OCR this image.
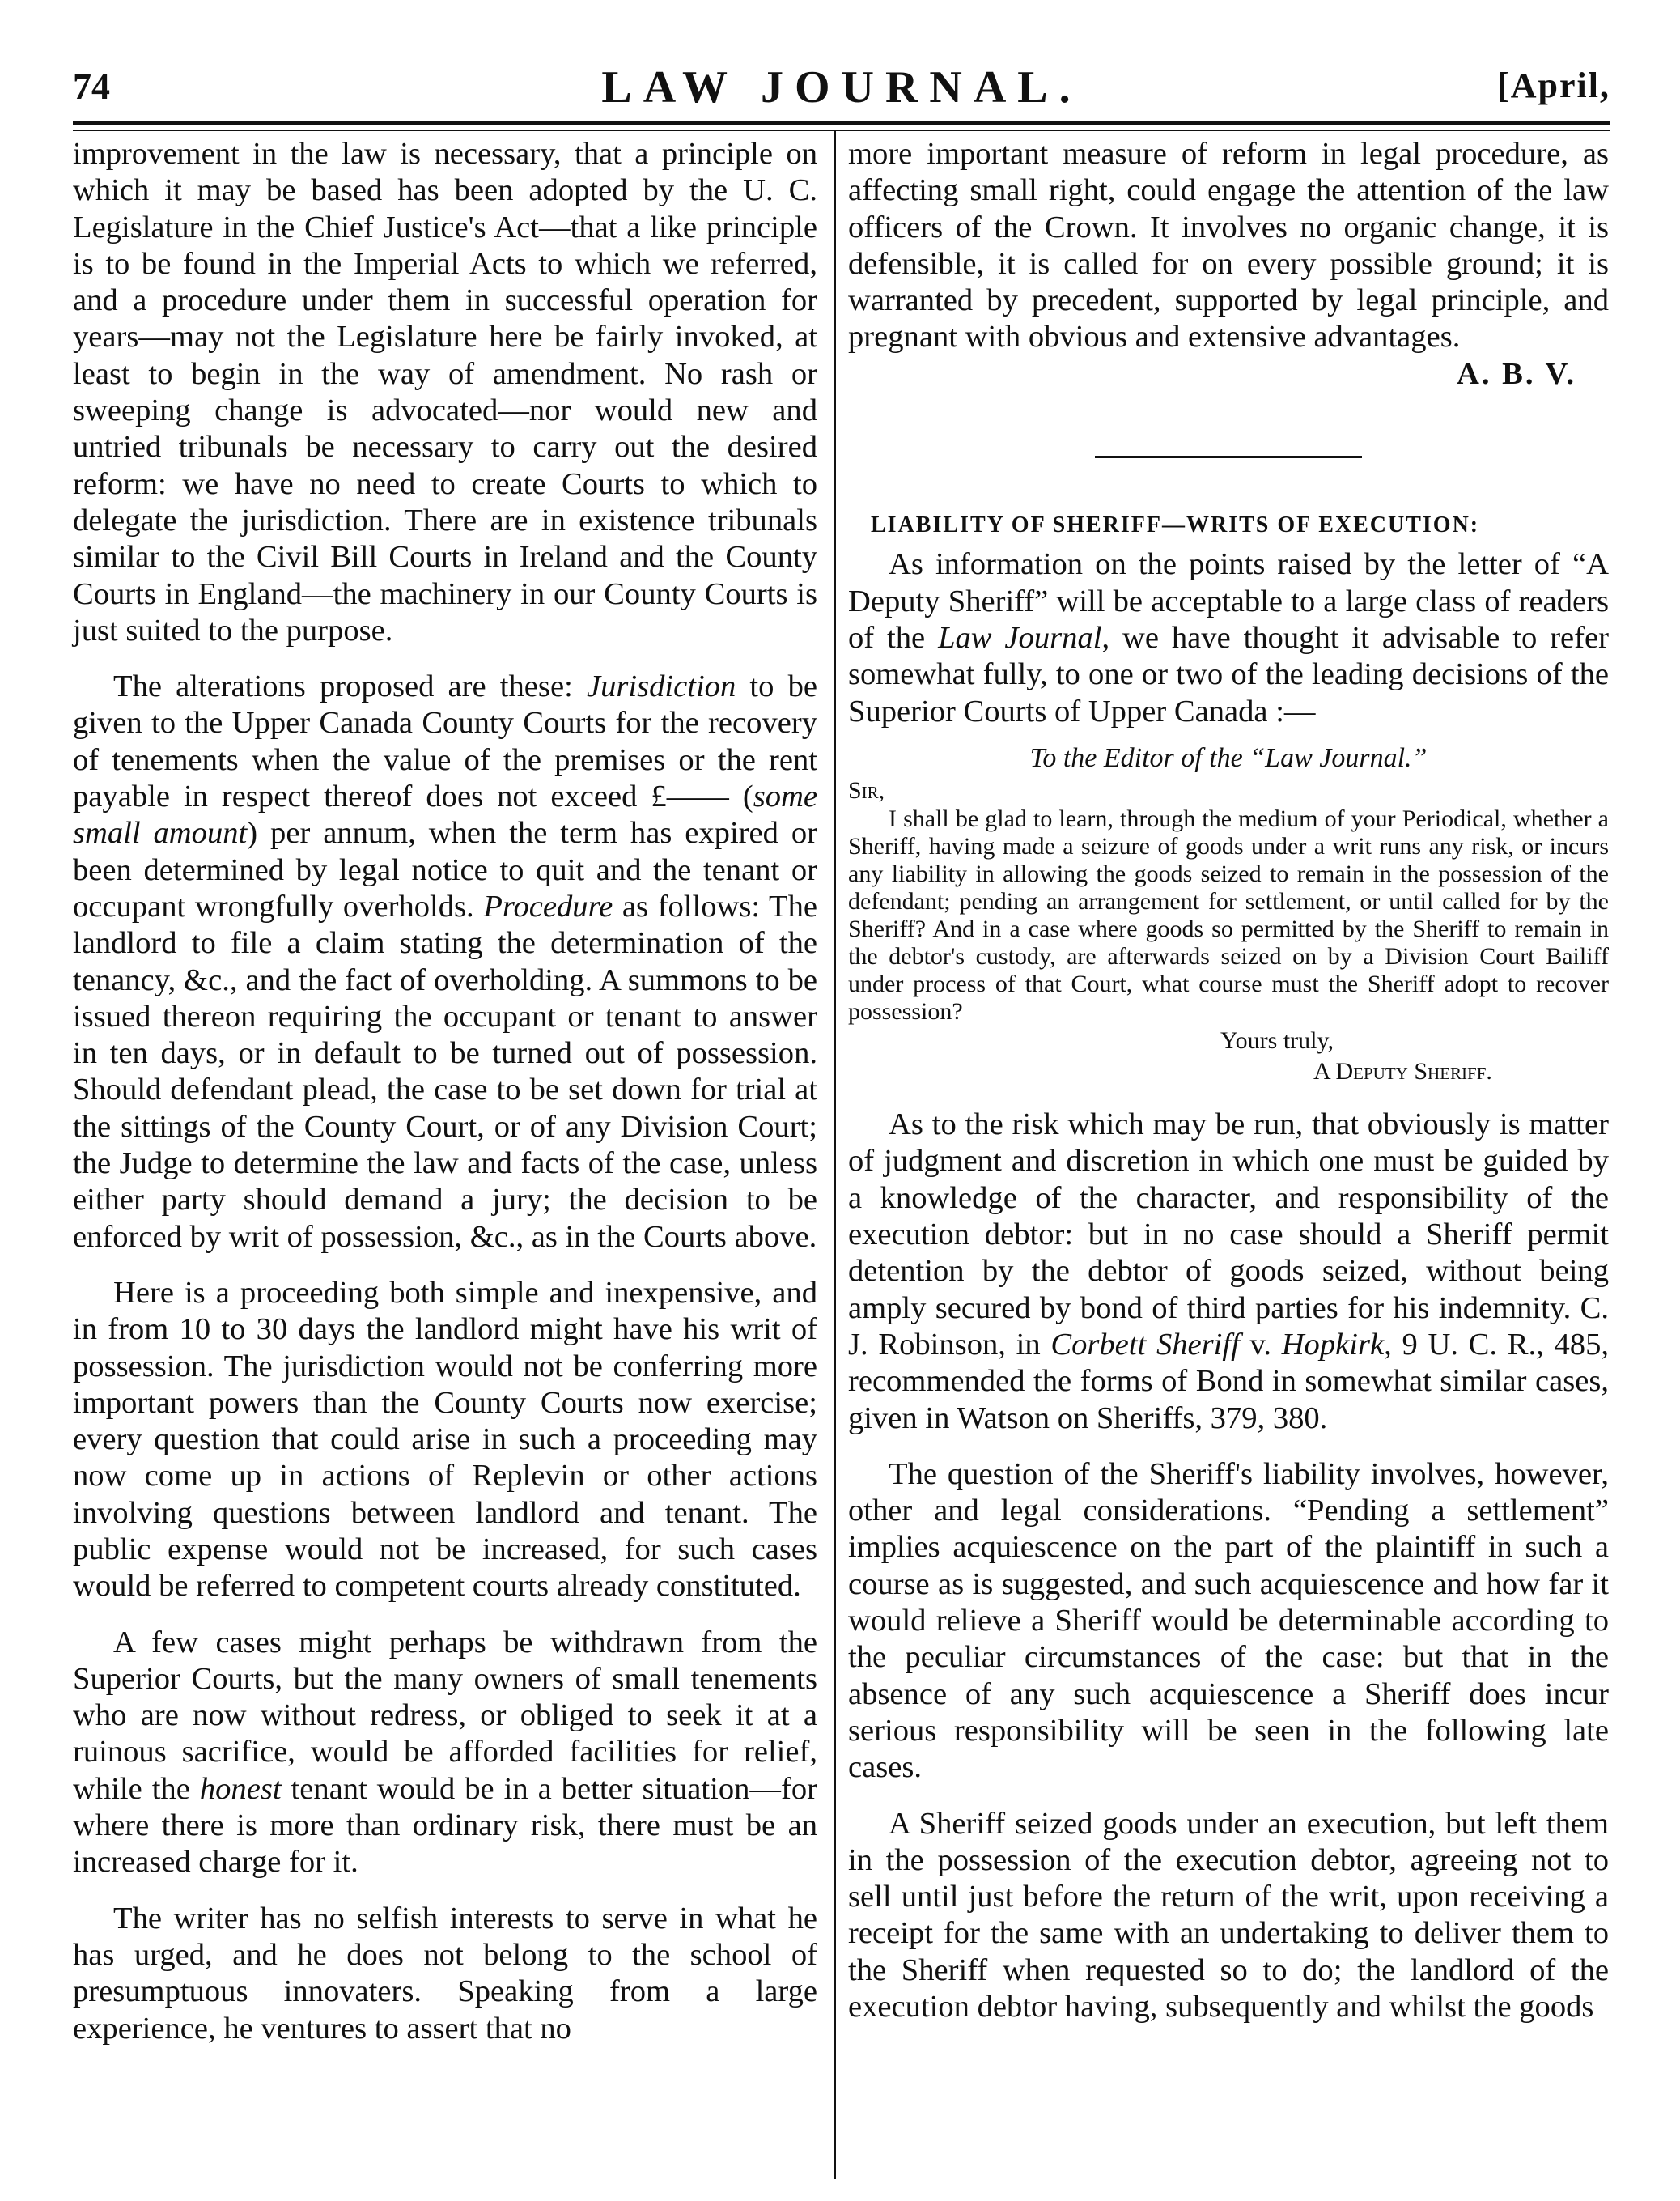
74	LAW JOURNAL.	[April,

improvement in the law is necessary, that a principle on which it may be based has been adopted by the U. C. Legislature in the Chief Justice's Act—that a like principle is to be found in the Imperial Acts to which we referred, and a procedure under them in successful operation for years—may not the Legislature here be fairly invoked, at least to begin in the way of amendment. No rash or sweeping change is advocated—nor would new and untried tribunals be necessary to carry out the desired reform: we have no need to create Courts to which to delegate the jurisdiction. There are in existence tribunals similar to the Civil Bill Courts in Ireland and the County Courts in England—the machinery in our County Courts is just suited to the purpose.

The alterations proposed are these: Jurisdiction to be given to the Upper Canada County Courts for the recovery of tenements when the value of the premises or the rent payable in respect thereof does not exceed £—— (some small amount) per annum, when the term has expired or been determined by legal notice to quit and the tenant or occupant wrongfully overholds. Procedure as follows: The landlord to file a claim stating the determination of the tenancy, &c., and the fact of overholding. A summons to be issued thereon requiring the occupant or tenant to answer in ten days, or in default to be turned out of possession. Should defendant plead, the case to be set down for trial at the sittings of the County Court, or of any Division Court; the Judge to determine the law and facts of the case, unless either party should demand a jury; the decision to be enforced by writ of possession, &c., as in the Courts above.

Here is a proceeding both simple and inexpensive, and in from 10 to 30 days the landlord might have his writ of possession. The jurisdiction would not be conferring more important powers than the County Courts now exercise; every question that could arise in such a proceeding may now come up in actions of Replevin or other actions involving questions between landlord and tenant. The public expense would not be increased, for such cases would be referred to competent courts already constituted.

A few cases might perhaps be withdrawn from the Superior Courts, but the many owners of small tenements who are now without redress, or obliged to seek it at a ruinous sacrifice, would be afforded facilities for relief, while the honest tenant would be in a better situation—for where there is more than ordinary risk, there must be an increased charge for it.

The writer has no selfish interests to serve in what he has urged, and he does not belong to the school of presumptuous innovaters. Speaking from a large experience, he ventures to assert that no

more important measure of reform in legal procedure, as affecting small right, could engage the attention of the law officers of the Crown. It involves no organic change, it is defensible, it is called for on every possible ground; it is warranted by precedent, supported by legal principle, and pregnant with obvious and extensive advantages.

A. B. V.

LIABILITY OF SHERIFF—WRITS OF EXECUTION:

As information on the points raised by the letter of “A Deputy Sheriff” will be acceptable to a large class of readers of the Law Journal, we have thought it advisable to refer somewhat fully, to one or two of the leading decisions of the Superior Courts of Upper Canada :—

To the Editor of the “Law Journal.”

Sir,

I shall be glad to learn, through the medium of your Periodical, whether a Sheriff, having made a seizure of goods under a writ runs any risk, or incurs any liability in allowing the goods seized to remain in the possession of the defendant; pending an arrangement for settlement, or until called for by the Sheriff? And in a case where goods so permitted by the Sheriff to remain in the debtor's custody, are afterwards seized on by a Division Court Bailiff under process of that Court, what course must the Sheriff adopt to recover possession?

Yours truly,

A Deputy Sheriff.

As to the risk which may be run, that obviously is matter of judgment and discretion in which one must be guided by a knowledge of the character, and responsibility of the execution debtor: but in no case should a Sheriff permit detention by the debtor of goods seized, without being amply secured by bond of third parties for his indemnity. C. J. Robinson, in Corbett Sheriff v. Hopkirk, 9 U. C. R., 485, recommended the forms of Bond in somewhat similar cases, given in Watson on Sheriffs, 379, 380.

The question of the Sheriff's liability involves, however, other and legal considerations. “Pending a settlement” implies acquiescence on the part of the plaintiff in such a course as is suggested, and such acquiescence and how far it would relieve a Sheriff would be determinable according to the peculiar circumstances of the case: but that in the absence of any such acquiescence a Sheriff does incur serious responsibility will be seen in the following late cases.

A Sheriff seized goods under an execution, but left them in the possession of the execution debtor, agreeing not to sell until just before the return of the writ, upon receiving a receipt for the same with an undertaking to deliver them to the Sheriff when requested so to do; the landlord of the execution debtor having, subsequently and whilst the goods
